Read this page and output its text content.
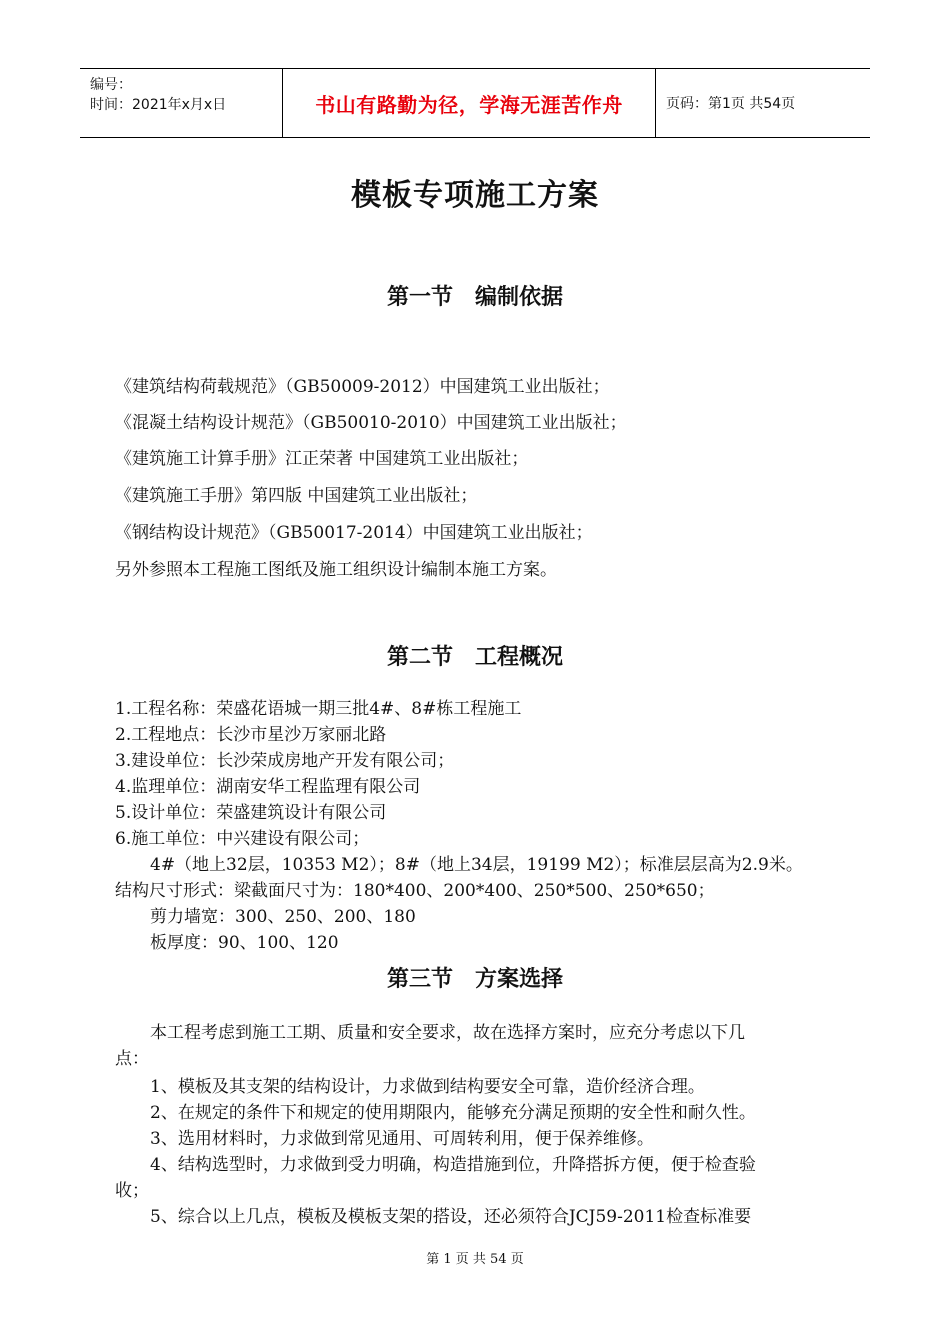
编号：
时间：2021年x月x日	书山有路勤为径，学海无涯苦作舟	页码：第1页 共54页
模板专项施工方案
第一节　编制依据
《建筑结构荷载规范》（GB50009-2012）中国建筑工业出版社；
《混凝土结构设计规范》（GB50010-2010）中国建筑工业出版社；
《建筑施工计算手册》江正荣著 中国建筑工业出版社；
《建筑施工手册》第四版 中国建筑工业出版社；
《钢结构设计规范》（GB50017-2014）中国建筑工业出版社；
另外参照本工程施工图纸及施工组织设计编制本施工方案。
第二节　工程概况
1.工程名称：荣盛花语城一期三批4#、8#栋工程施工
2.工程地点：长沙市星沙万家丽北路
3.建设单位：长沙荣成房地产开发有限公司；
4.监理单位：湖南安华工程监理有限公司
5.设计单位：荣盛建筑设计有限公司
6.施工单位：中兴建设有限公司；
4#（地上32层，10353 M2）；8#（地上34层，19199 M2）；标准层层高为2.9米。
结构尺寸形式：梁截面尺寸为：180*400、200*400、250*500、250*650；
剪力墙宽：300、250、200、180
板厚度：90、100、120
第三节　方案选择
本工程考虑到施工工期、质量和安全要求，故在选择方案时，应充分考虑以下几
点：
1、模板及其支架的结构设计，力求做到结构要安全可靠，造价经济合理。
2、在规定的条件下和规定的使用期限内，能够充分满足预期的安全性和耐久性。
3、选用材料时，力求做到常见通用、可周转利用，便于保养维修。
4、结构选型时，力求做到受力明确，构造措施到位，升降搭拆方便，便于检查验
收；
5、综合以上几点，模板及模板支架的搭设，还必须符合JCJ59-2011检查标准要
第 1 页 共 54 页
